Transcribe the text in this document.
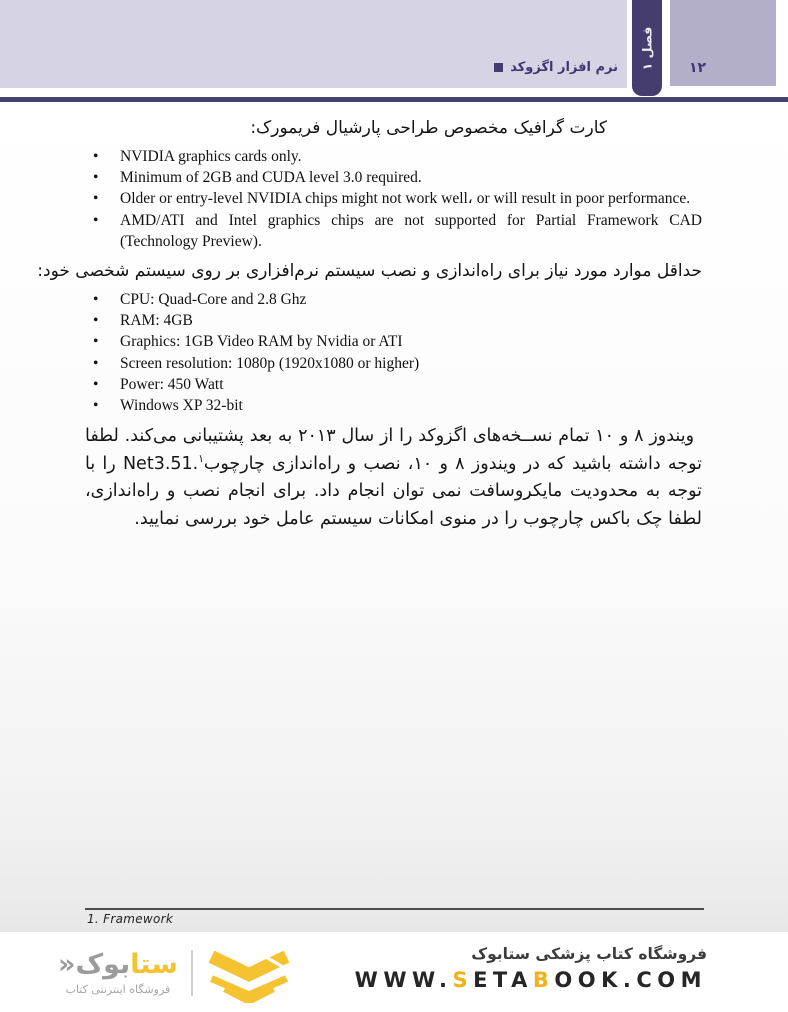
نرم افزار اگزوکد فصل ۱
۱۲
کارت گرافیک مخصوص طراحی پارشیال فریمورک:
•	NVIDIA graphics cards only.
•	Minimum of 2GB and CUDA level 3.0 required.
•	Older or entry-level NVIDIA chips might not work well، or will result in poor performance.
•	AMD/ATI and Intel graphics chips are not supported for Partial Framework CAD (Technology Preview).
حداقل موارد مورد نیاز برای راه‌اندازی و نصب سیستم نرم‌افزاری بر روی سیستم شخصی خود:
•	CPU: Quad-Core and 2.8 Ghz
•	RAM: 4GB
•	Graphics: 1GB Video RAM by Nvidia or ATI
•	Screen resolution: 1080p (1920x1080 or higher)
•	Power: 450 Watt
•	Windows XP 32-bit

ویندوز ۸ و ۱۰ تمام نســخه‌های اگزوکد را از سال ۲۰۱۳ به بعد پشتیبانی می‌کند. لطفا توجه داشته باشید که در ویندوز ۸ و ۱۰، نصب و راه‌اندازی چارچوب$^۱$.Net3.51 را با توجه به محدودیت مایکروسافت نمی توان انجام داد. برای انجام نصب و راه‌اندازی، لطفا چک باکس چارچوب را در منوی امکانات سیستم عامل خود بررسی نمایید.

1. Framework
ستابوک«
فروشگاه اینترنتی کتاب
فروشگاه کتاب پزشکی ستابوک
WWW.SETABOOK.COM
